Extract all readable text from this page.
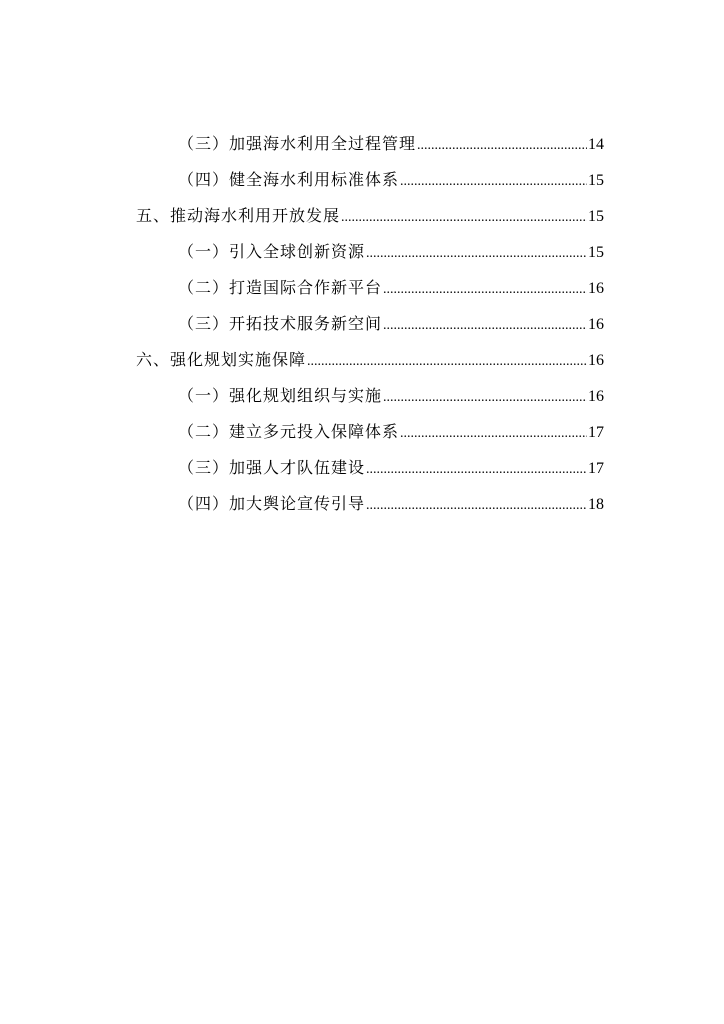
（三）加强海水利用全过程管理 .....	14
（四）健全海水利用标准体系 .....	15
五、推动海水利用开放发展 .....	15
（一）引入全球创新资源 .....	15
（二）打造国际合作新平台 .....	16
（三）开拓技术服务新空间 .....	16
六、强化规划实施保障 .....	16
（一）强化规划组织与实施 .....	16
（二）建立多元投入保障体系 .....	17
（三）加强人才队伍建设 .....	17
（四）加大舆论宣传引导 .....	18
